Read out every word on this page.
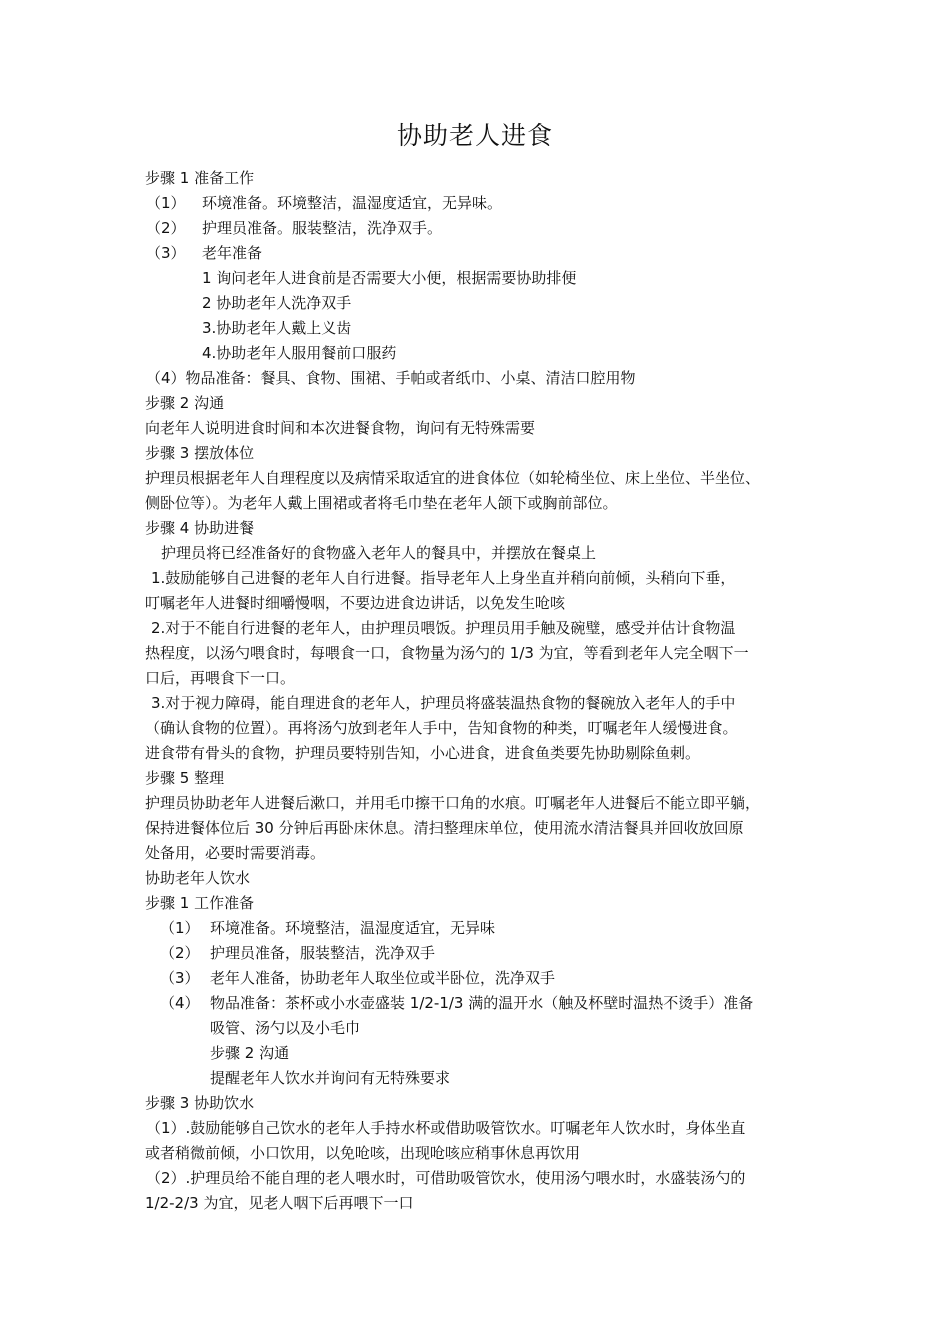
协助老人进食
步骤 1 准备工作
（1） 环境准备。环境整洁，温湿度适宜，无异味。
（2） 护理员准备。服装整洁，洗净双手。
（3） 老年准备
1 询问老年人进食前是否需要大小便，根据需要协助排便
2 协助老年人洗净双手
3.协助老年人戴上义齿
4.协助老年人服用餐前口服药
（4）物品准备：餐具、食物、围裙、手帕或者纸巾、小桌、清洁口腔用物
步骤 2 沟通
向老年人说明进食时间和本次进餐食物，询问有无特殊需要
步骤 3 摆放体位
护理员根据老年人自理程度以及病情采取适宜的进食体位（如轮椅坐位、床上坐位、半坐位、
侧卧位等）。为老年人戴上围裙或者将毛巾垫在老年人颌下或胸前部位。
步骤 4 协助进餐
护理员将已经准备好的食物盛入老年人的餐具中，并摆放在餐桌上
1.鼓励能够自己进餐的老年人自行进餐。指导老年人上身坐直并稍向前倾，头稍向下垂，
叮嘱老年人进餐时细嚼慢咽，不要边进食边讲话，以免发生呛咳
2.对于不能自行进餐的老年人，由护理员喂饭。护理员用手触及碗璧，感受并估计食物温
热程度，以汤勺喂食时，每喂食一口，食物量为汤勺的 1/3 为宜，等看到老年人完全咽下一
口后，再喂食下一口。
3.对于视力障碍，能自理进食的老年人，护理员将盛装温热食物的餐碗放入老年人的手中
（确认食物的位置）。再将汤勺放到老年人手中，告知食物的种类，叮嘱老年人缓慢进食。
进食带有骨头的食物，护理员要特别告知，小心进食，进食鱼类要先协助剔除鱼刺。
步骤 5 整理
护理员协助老年人进餐后漱口，并用毛巾擦干口角的水痕。叮嘱老年人进餐后不能立即平躺，
保持进餐体位后 30 分钟后再卧床休息。清扫整理床单位，使用流水清洁餐具并回收放回原
处备用，必要时需要消毒。
协助老年人饮水
步骤 1 工作准备
（1） 环境准备。环境整洁，温湿度适宜，无异味
（2） 护理员准备，服装整洁，洗净双手
（3） 老年人准备，协助老年人取坐位或半卧位，洗净双手
（4） 物品准备：茶杯或小水壶盛装 1/2-1/3 满的温开水（触及杯壁时温热不烫手）准备
吸管、汤勺以及小毛巾
步骤 2 沟通
提醒老年人饮水并询问有无特殊要求
步骤 3 协助饮水
（1）.鼓励能够自己饮水的老年人手持水杯或借助吸管饮水。叮嘱老年人饮水时，身体坐直
或者稍微前倾，小口饮用，以免呛咳，出现呛咳应稍事休息再饮用
（2）.护理员给不能自理的老人喂水时，可借助吸管饮水，使用汤勺喂水时，水盛装汤勺的
1/2-2/3 为宜，见老人咽下后再喂下一口
